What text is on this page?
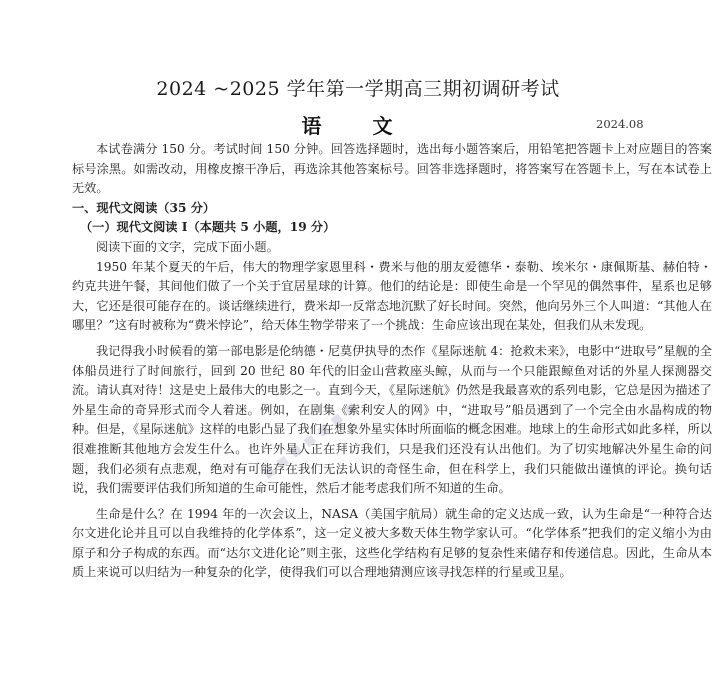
2024 ~2025 学年第一学期高三期初调研考试
语 文	2024.08
■ ■ ■ ■ ■ ■ ■

本试卷满分 150 分。考试时间 150 分钟。回答选择题时，选出每小题答案后，用铅笔把答题卡上对应题目的答案标号涂黑。如需改动，用橡皮擦干净后，再选涂其他答案标号。回答非选择题时，将答案写在答题卡上，写在本试卷上无效。

一、现代文阅读（35 分）

（一）现代文阅读 I（本题共 5 小题，19 分）

阅读下面的文字，完成下面小题。

1950 年某个夏天的午后，伟大的物理学家恩里科・费米与他的朋友爱德华・泰勒、埃米尔・康佩斯基、赫伯特・约克共进午餐，其间他们做了一个关于宜居星球的计算。他们的结论是：即使生命是一个罕见的偶然事件，星系也足够大，它还是很可能存在的。谈话继续进行，费米却一反常态地沉默了好长时间。突然，他向另外三个人叫道：“其他人在哪里？”这有时被称为“费米悖论”，给天体生物学带来了一个挑战：生命应该出现在某处，但我们从未发现。

我记得我小时候看的第一部电影是伦纳德・尼莫伊执导的杰作《星际迷航 4：抢救未来》，电影中“进取号”星舰的全体船员进行了时间旅行，回到 20 世纪 80 年代的旧金山营救座头鲸，从而与一个只能跟鲸鱼对话的外星人探测器交流。请认真对待！这是史上最伟大的电影之一。直到今天，《星际迷航》仍然是我最喜欢的系列电影，它总是因为描述了外星生命的奇异形式而令人着迷。例如，在剧集《索利安人的网》中，“进取号”船员遇到了一个完全由水晶构成的物种。但是，《星际迷航》这样的电影凸显了我们在想象外星实体时所面临的概念困难。地球上的生命形式如此多样，所以很难推断其他地方会发生什么。也许外星人正在拜访我们，只是我们还没有认出他们。为了切实地解决外星生命的问题，我们必须有点悲观，绝对有可能存在我们无法认识的奇怪生命，但在科学上，我们只能做出谨慎的评论。换句话说，我们需要评估我们所知道的生命可能性，然后才能考虑我们所不知道的生命。

生命是什么？在 1994 年的一次会议上，NASA（美国宇航局）就生命的定义达成一致，认为生命是“一种符合达尔文进化论并且可以自我维持的化学体系”，这一定义被大多数天体生物学家认可。“化学体系”把我们的定义缩小为由原子和分子构成的东西。而“达尔文进化论”则主张，这些化学结构有足够的复杂性来储存和传递信息。因此，生命从本质上来说可以归结为一种复杂的化学，使得我们可以合理地猜测应该寻找怎样的行星或卫星。
